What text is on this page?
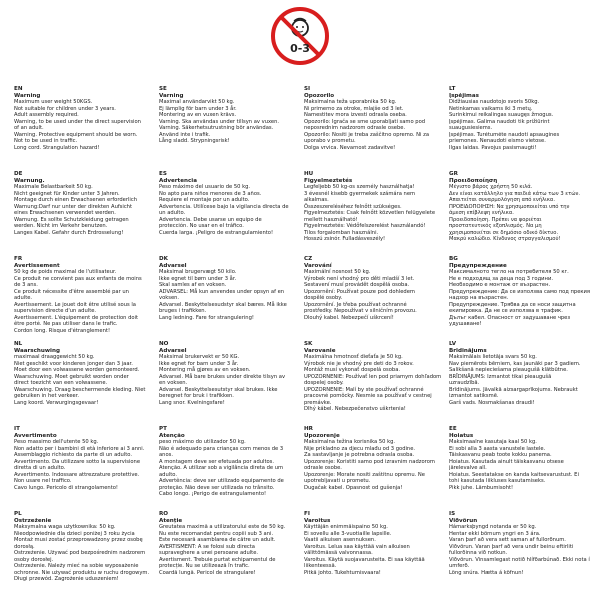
0-3
EN
Warning
Maximum user weight 50KGS.
Not suitable for children under 3 years.
Adult assembly required.
Warning, to be used under the direct supervision
of an adult.
Warning. Protective equipment should be worn.
Not to be used in traffic.
Long cord. Strangulation hazard!
SE
Varning
Maximal användarvikt 50 kg.
Ej lämplig för barn under 3 år.
Montering av en vuxen krävs.
Varning. Ska användas under tillsyn av vuxen.
Varning. Säkerhetsutrustning bör användas.
Använd inte i trafik.
Lång sladd. Strypningsrisk!
SI
Opozorilo
Maksimalna teža uporabnika 50 kg.
Ni primerno za otroke, mlajše od 3 let.
Namestitev mora izvesti odrasla oseba.
Opozorilo: Igrača se sme uporabljati samo pod
neposrednim nadzorom odrasle osebe.
Opozorilo: Nositi je treba zaščitno opremo. Ni za
uporabo v prometu.
Dolga vrvica. Nevarnost zadavitve!
LT
Įspėjimas
Didžiausias naudotojo svoris 50kg.
Netinkamas vaikams iki 3 metų.
Surinkimui reikalingas suaugęs žmogus.
Įspėjimas. Galima naudoti tik prižiūrint
suaugusiesiems.
Įspėjimas. Turėtumėte naudoti apsaugines
priemones. Nenaudoti eismo vietose.
Ilgas laidas. Pavojus pasismaugti!
DE
Warnung.
Maximale Belastbarkeit 50 kg.
Nicht geeignet für Kinder unter 3 Jahren.
Montage durch einen Erwachsenen erforderlich
Warnung:Darf nur unter der direkten Aufsicht
eines Erwachsenen verwendet werden.
Warnung. Es sollte Schutzkleidung getragen
werden. Nicht im Verkehr benutzen.
Langes Kabel. Gefahr durch Erdrosselung!
ES
Advertencia
Peso máximo del usuario de 50 kg.
No apto para niños menores de 3 años.
Requiere el montaje por un adulto.
Advertencia. Utilícese bajo la vigilancia directa de
un adulto.
Advertencia. Debe usarse un equipo de
protección. No usar en el tráfico.
Cuerda larga. ¡Peligro de estrangulamiento!
HU
Figyelmeztetés
Legfeljebb 50 kg-os személy használhatja!
3 évesnél kisebb gyermekek számára nem
alkalmas.
Összeszereléséhez felnőtt szükséges.
Figyelmeztetés: Csak felnőtt közvetlen felügyelete
mellett használható!
Figyelmeztetés: Védőfelszerelést használandó!
Tilos forgalomban használni.
Hosszú zsinór. Fulladásveszély!
GR
Προειδοποίηση
Μέγιστο βάρος χρήστη 50 κιλά.
Δεν είναι κατάλληλο για παιδιά κάτω των 3 ετών.
Απαιτείται συναρμολόγηση από ενήλικα.
ΠΡΟΕΙΔΟΠΟΙΗΣΗ: Να χρησιμοποιείται υπό την
άμεση επίβλεψη ενήλικα.
Προειδοποίηση. Πρέπει να φοριέται
προστατευτικός εξοπλισμός. Να μη
χρησιμοποιείται σε δημόσιο οδικό δίκτυο.
Μακρύ καλώδιο. Κίνδυνος στραγγαλισμού!
FR
Avertissement
50 kg de poids maximal de l'utilisateur.
Ce produit ne convient pas aux enfants de moins
de 3 ans.
Ce produit nécessite d'être assemblé par un
adulte.
Avertissement. Le jouet doit être utilisé sous la
supervision directe d'un adulte.
Avertissement. L'équipement de protection doit
être porté. Ne pas utiliser dans le trafic.
Cordon long. Risque d'étranglement!
DK
Advarsel
Maksimal brugervægt 50 kilo.
Ikke egnet til børn under 3 år.
Skal samles af en voksen.
ADVARSEL: Må kun anvendes under opsyn af en
voksen.
Advarsel. Beskyttelsesudstyr skal bæres. Må ikke
bruges i trafikken.
Lang ledning. Fare for strangulering!
CZ
Varování
Maximální nosnost 50 kg.
Výrobek není vhodný pro děti mladší 3 let.
Sestavení musí provádět dospělá osoba.
Upozornění: Používat pouze pod dohledem
dospělé osoby.
Upozornění. Je třeba používat ochranné
prostředky. Nepoužívat v silničním provozu.
Dlouhý kabel. Nebezpečí uškrcení!
BG
Предупреждение
Максималното тегло на потребителя 50 кг.
Не е подходящ за деца под 3 години.
Необходимо е монтаж от възрастен.
Предупреждение: Да се използва само под прекия
надзор на възрастен.
Предупреждение. Трябва да се носи защитна
екипировка. Да не се използва в трафик.
Дълъг кабел. Опасност от задушаване чрез
удушаване!
NL
Waarschuwing
maximaal draaggewicht 50 kg.
Niet geschikt voor kinderen jonger dan 3 jaar.
Moet door een volwassene worden gemonteerd.
Waarschuwing. Moet gebruikt worden onder
direct toezicht van een volwassene.
Waarschuwing. Draag beschermende kleding. Niet
gebruiken in het verkeer.
Lang koord. Verwurgingsgevaar!
NO
Advarsel
Maksimal brukervekt er 50 KG.
Ikke egnet for barn under 3 år.
Montering må gjøres av en voksen.
Advarsel. Må bare brukes under direkte tilsyn av
en voksen.
Advarsel. Beskyttelsesutstyr skal brukes. Ikke
beregnet for bruk i trafikken.
Lang snor. Kvelningsfare!
SK
Varovanie
Maximálna hmotnosť dieťaťa je 50 kg.
Výrobok nie je vhodný pre deti do 3 rokov.
Montáž musí vykonať dospelá osoba.
UPOZORNENIE: Používať len pod priamym dohľadom
dospelej osoby.
UPOZORNENIE: Malí by ste používať ochranné
pracovné pomôcky. Nesmie sa používať v cestnej
premávke.
Dlhý kábel. Nebezpečenstvo uškrtenia!
LV
Brīdinājums
Maksimālais lietotāja svars 50 kg.
Nav piemērots bērniem, kas jaunāki par 3 gadiem.
Salikšanā nepieciešama pieaugušā klātbūtne.
BRĪDINĀJUMS: Izmantot tikai pieaugušā
uzraudzībā.
Brīdinājums. Jāvalkā aizsargaprīkojums. Nebraukt
izmantot satiksmē.
Garš vads. Nosmakšanas draudi!
IT
Avvertimento
Peso massimo dell'utente 50 kg.
Non adatto per i bambini di età inferiore ai 3 anni.
Assemblaggio richiesto da parte di un adulto.
Avvertimento. Da utilizzare sotto la supervisione
diretta di un adulto.
Avvertimento. Indossare attrezzature protettive.
Non usare nel traffico.
Cavo lungo. Pericolo di strangolamento!
PT
Atenção
peso máximo do utilizador 50 kg.
Não é adequado para crianças com menos de 3
anos.
A montagem deve ser efetuada por adultos.
Atenção. A utilizar sob a vigilância direta de um
adulto.
Advertência: deve ser utilizado equipamento de
proteção. Não deve ser utilizada no trânsito.
Cabo longo. ¡Perigo de estrangulamento!
HR
Upozorenje
Maksimalna težina korisnika 50 kg.
Nije prikladno za djecu mlađu od 3 godine.
Za sastavljanje je potrebna odrasla osoba.
Upozorenje: Koristiti samo pod izravnim nadzorom
odrasle osobe.
Upozorenje: Morate nositi zaštitnu opremu. Ne
upotrebljavati u prometu.
Dugačak kabel. Opasnost od gušenja!
EE
Hoiatus
Maksimaalne kasutaja kaal 50 kg.
Ei sobi alla 3 aasta vanustele lastele.
Täiskasvanu peab toote kokku panema.
Hoiatus. Kasutada ainult täiskasvanu otsese
järelevalve all.
Hoiatus. Seestatakse on kanda kaitsevarustust. Ei
tohi kasutada liikluses kasutamiseks.
Pikk juhe. Lämbumisoht!
PL
Ostrzeżenie
Maksymalna waga użytkownika: 50 kg.
Nieodpowiednie dla dzieci poniżej 3 roku życia
Montaż musi zostać przeprowadzony przez osobę
dorosłą.
Ostrzeżenie. Używać pod bezpośrednim nadzorem
osoby dorosłej.
Ostrzeżenie. Należy mieć na sobie wyposażenie
ochronne. Nie używać produktu w ruchu drogowym.
Długi przewód. Zagrożenie uduszeniem!
RO
Atenție
Greutatea maximă a utilizatorului este de 50 kg.
Nu este recomandat pentru copiii sub 3 ani.
Este necesară asamblarea de către un adult.
AVERTISMENT: A se folosi sub directa
supraveghere a unei persoane adulte.
Avertisment. Trebuie purtat echipamentul de
protecție. Nu se utilizează în trafic.
Coardă lungă. Pericol de strangulare!
FI
Varoitus
Käyttäjän enimmäispaino 50 kg.
Ei sovellu alle 3-vuotiaille lapsille.
Vaatii aikuisen asennuksen.
Varoitus. Leluа saa käyttää vain aikuisen
välittömässä valvonnassa.
Varoitus. Käytä suojavarusteita. Ei saa käyttää
liikenteessä.
Pitkä johto. Tukehtumisvaara!
IS
Viðvörun
Hámarksþyngd notanda er 50 kg.
Hentar ekki börnum yngri en 3 ára.
Varan þarf að vera sett saman af fullorðnum.
Viðvörun. Varan þarf að vera undir beinu eftirliti
fullorðinna við notkun.
Viðvörun. Vinsamlegast notið hlífðarbúnað. Ekki nota í
umferð.
Löng snúra. Hætta á köfnun!
